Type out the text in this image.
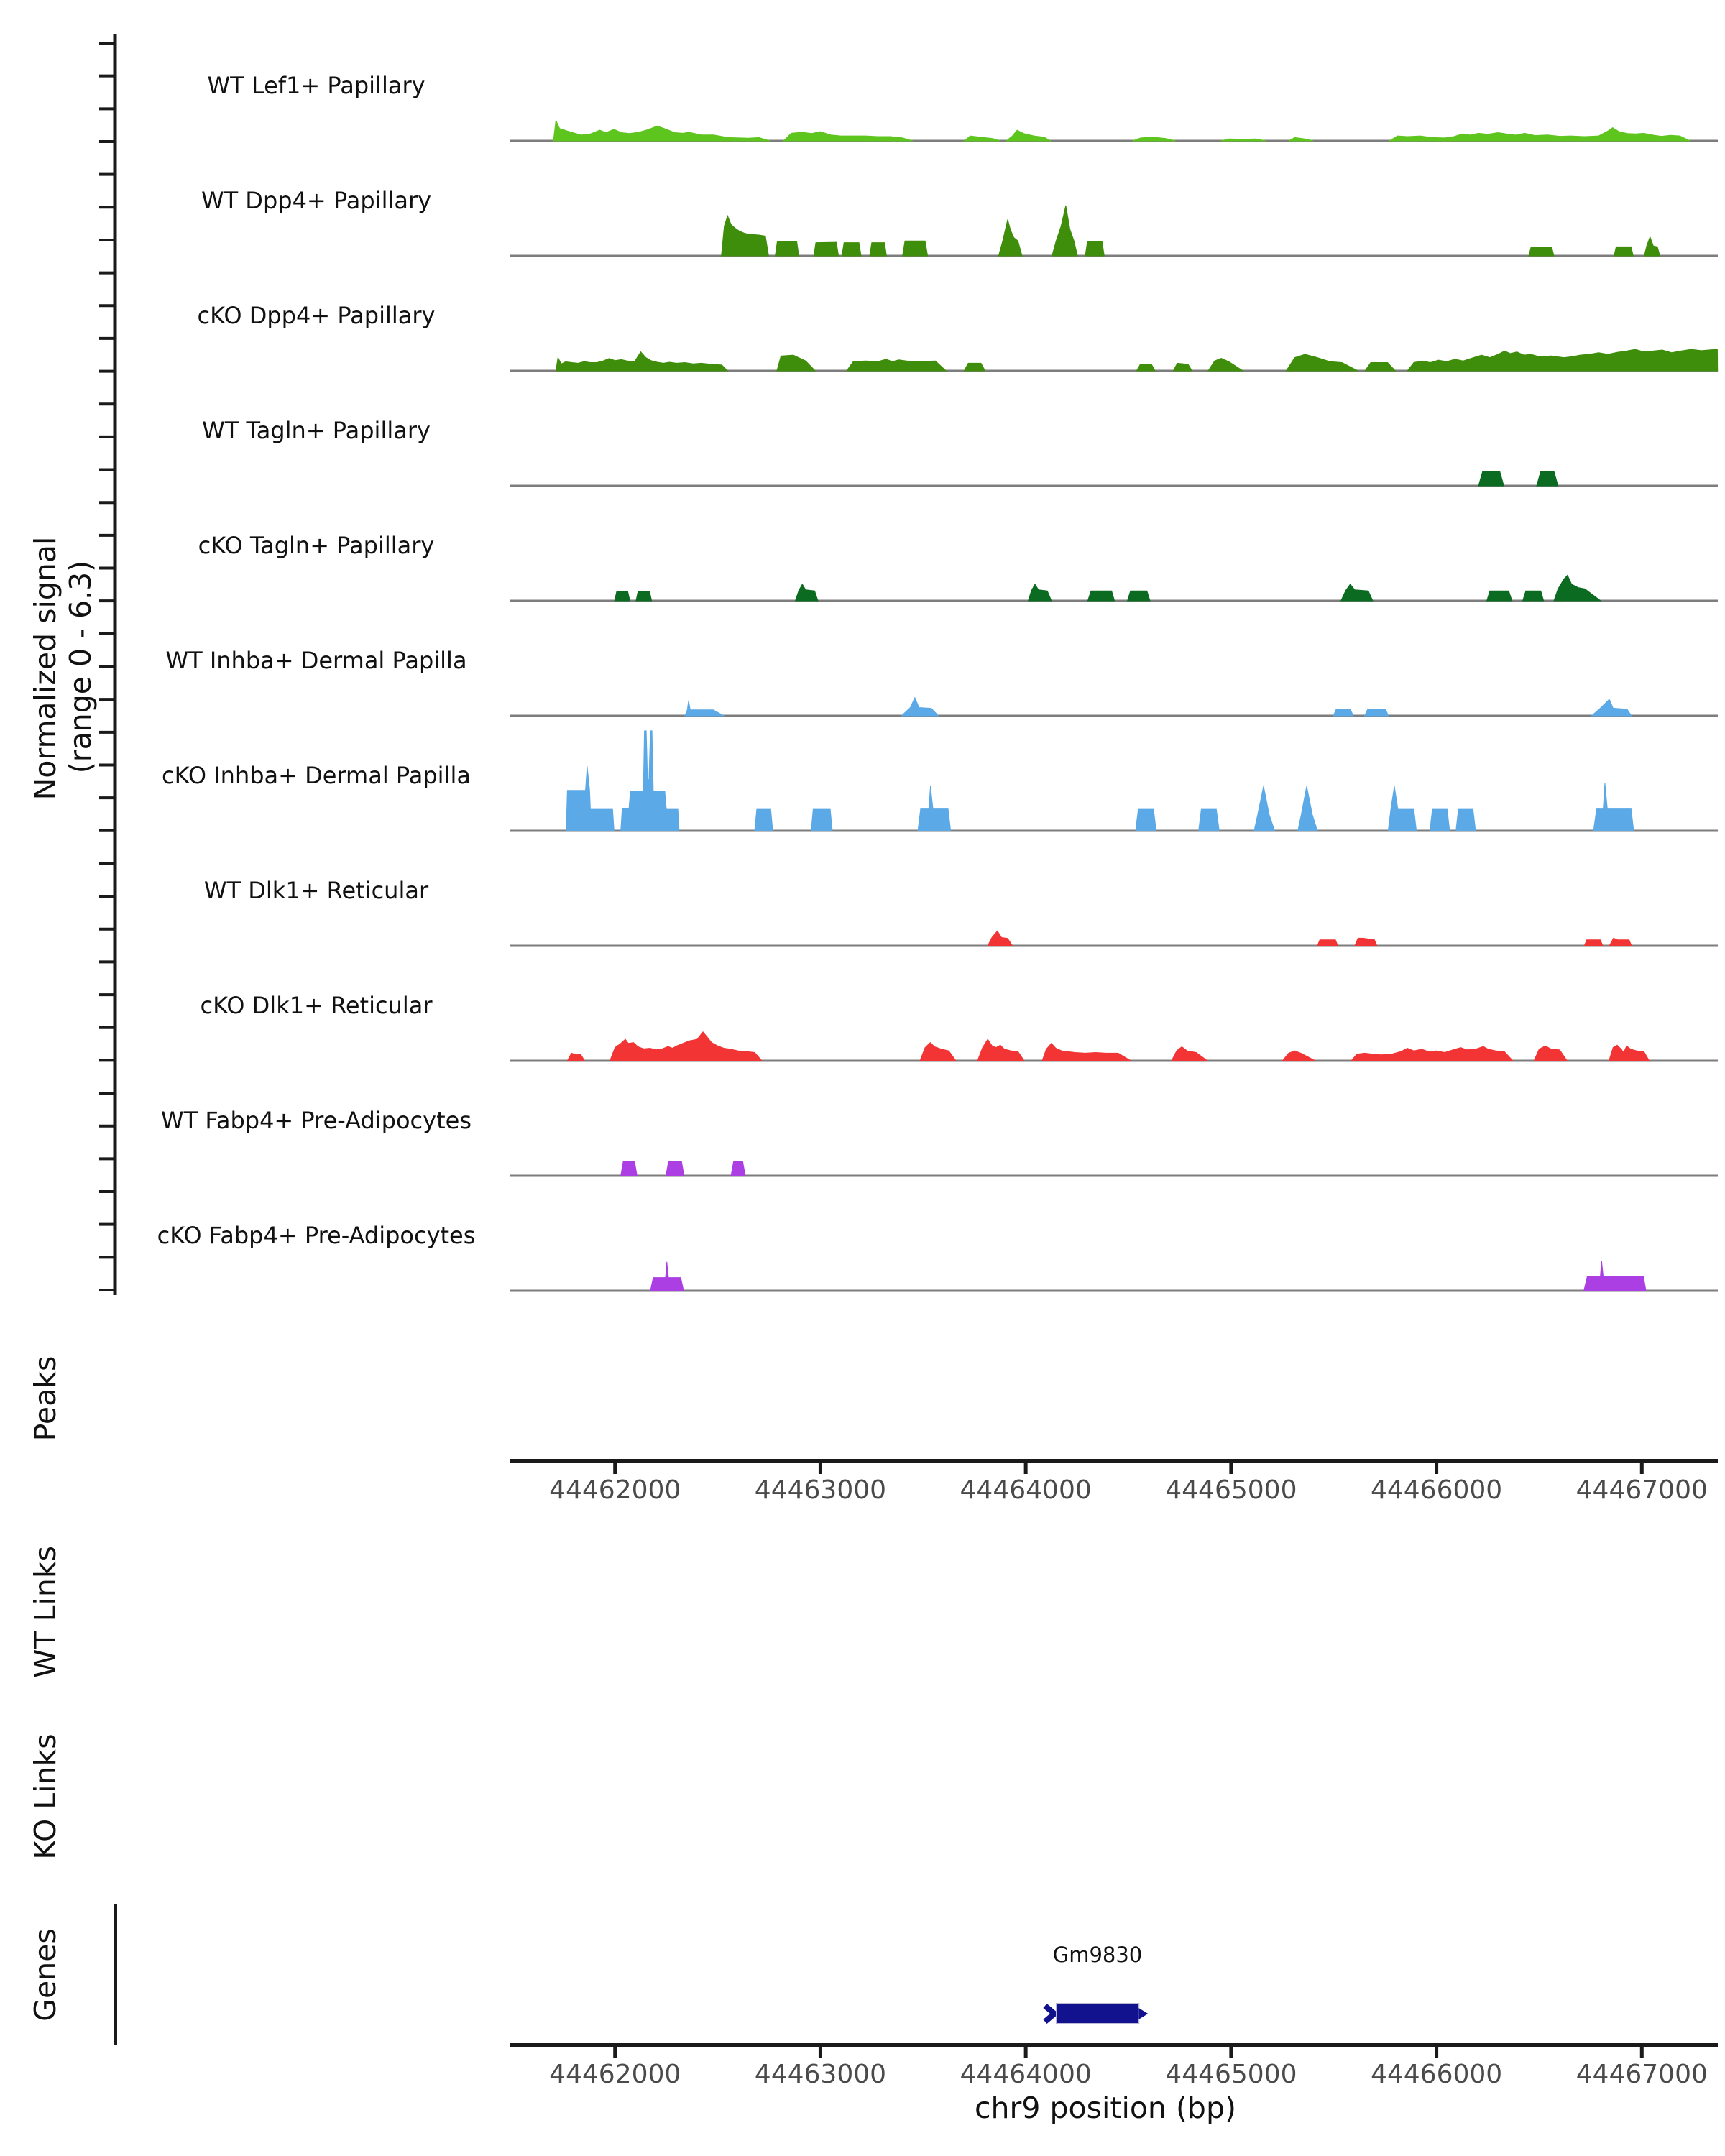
WT Lef1+ Papillary
WT Dpp4+ Papillary
cKO Dpp4+ Papillary
WT Tagln+ Papillary
cKO Tagln+ Papillary
WT Inhba+ Dermal Papilla
cKO Inhba+ Dermal Papilla
WT Dlk1+ Reticular
cKO Dlk1+ Reticular
WT Fabp4+ Pre-Adipocytes
cKO Fabp4+ Pre-Adipocytes
44462000	44463000	44464000	44465000	44466000	44467000
44462000	44463000	44464000	44465000	44466000	44467000
Normalized signal (range 0 - 6.3)
Peaks
WT Links
KO Links
Genes	Gm9830
chr9 position (bp)
